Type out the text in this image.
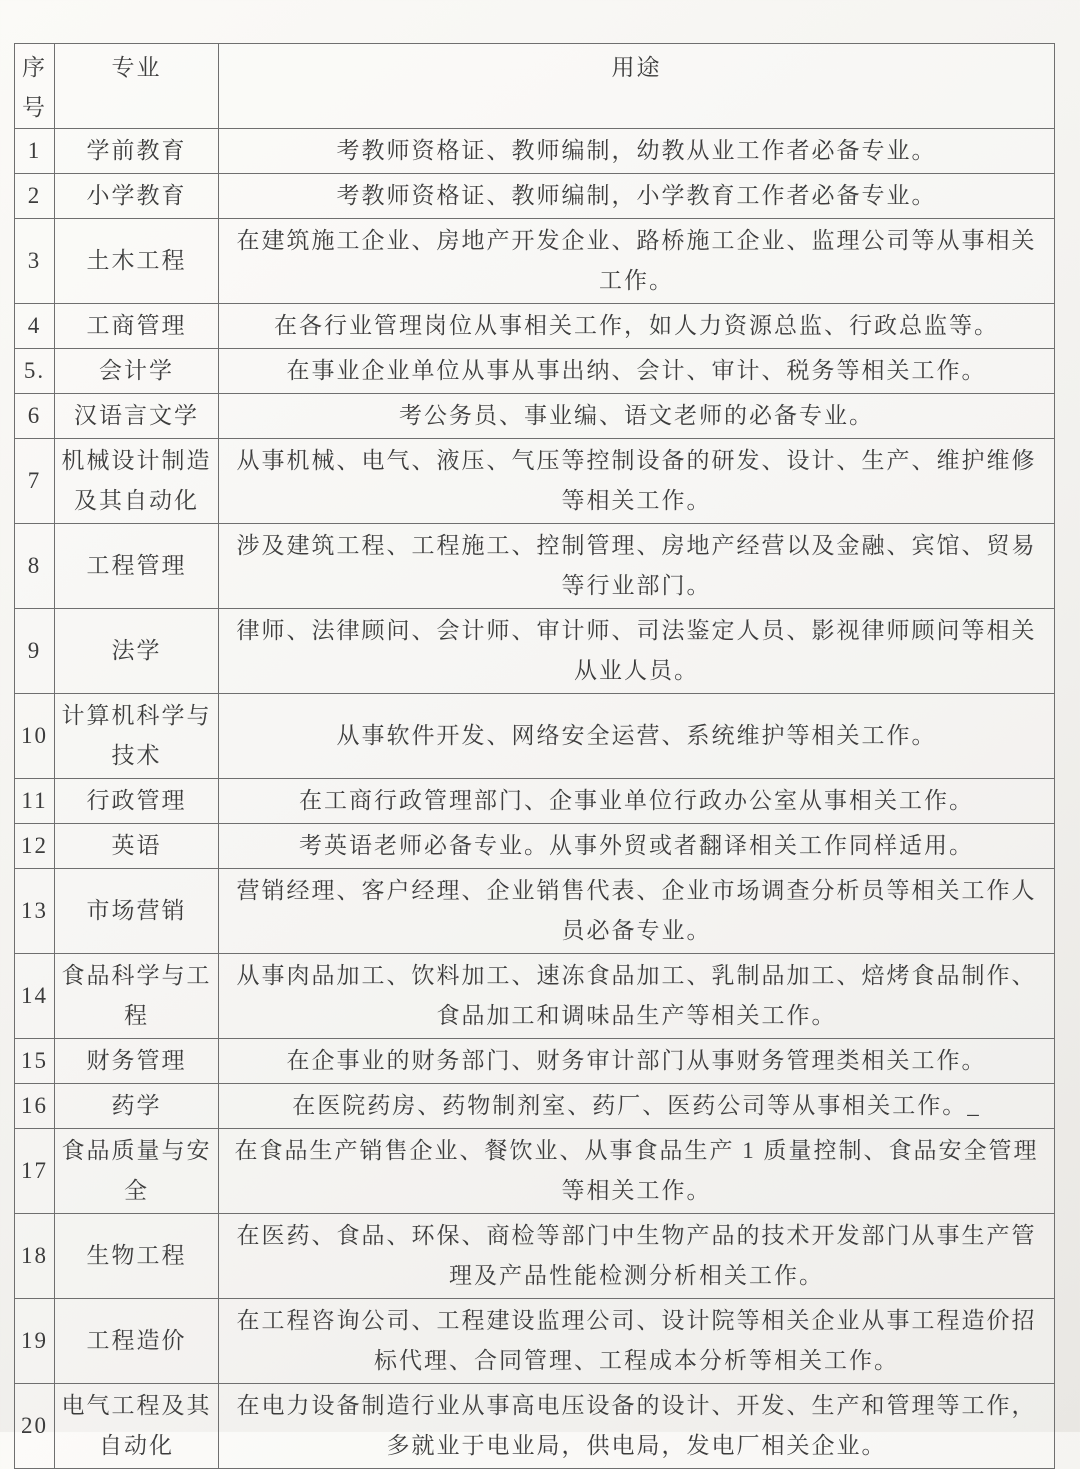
序号	专业	用途
1	学前教育	考教师资格证、教师编制，幼教从业工作者必备专业。
2	小学教育	考教师资格证、教师编制，小学教育工作者必备专业。
3	土木工程	在建筑施工企业、房地产开发企业、路桥施工企业、监理公司等从事相关工作。
4	工商管理	在各行业管理岗位从事相关工作，如人力资源总监、行政总监等。
5.	会计学	在事业企业单位从事从事出纳、会计、审计、税务等相关工作。
6	汉语言文学	考公务员、事业编、语文老师的必备专业。
7	机械设计制造及其自动化	从事机械、电气、液压、气压等控制设备的研发、设计、生产、维护维修等相关工作。
8	工程管理	涉及建筑工程、工程施工、控制管理、房地产经营以及金融、宾馆、贸易等行业部门。
9	法学	律师、法律顾问、会计师、审计师、司法鉴定人员、影视律师顾问等相关从业人员。
10	计算机科学与技术	从事软件开发、网络安全运营、系统维护等相关工作。
11	行政管理	在工商行政管理部门、企事业单位行政办公室从事相关工作。
12	英语	考英语老师必备专业。从事外贸或者翻译相关工作同样适用。
13	市场营销	营销经理、客户经理、企业销售代表、企业市场调查分析员等相关工作人员必备专业。
14	食品科学与工程	从事肉品加工、饮料加工、速冻食品加工、乳制品加工、焙烤食品制作、食品加工和调味品生产等相关工作。
15	财务管理	在企事业的财务部门、财务审计部门从事财务管理类相关工作。
16	药学	在医院药房、药物制剂室、药厂、医药公司等从事相关工作。_
17	食品质量与安全	在食品生产销售企业、餐饮业、从事食品生产 1 质量控制、食品安全管理等相关工作。
18	生物工程	在医药、食品、环保、商检等部门中生物产品的技术开发部门从事生产管理及产品性能检测分析相关工作。
19	工程造价	在工程咨询公司、工程建设监理公司、设计院等相关企业从事工程造价招标代理、合同管理、工程成本分析等相关工作。
20	电气工程及其自动化	在电力设备制造行业从事高电压设备的设计、开发、生产和管理等工作，多就业于电业局，供电局，发电厂相关企业。
